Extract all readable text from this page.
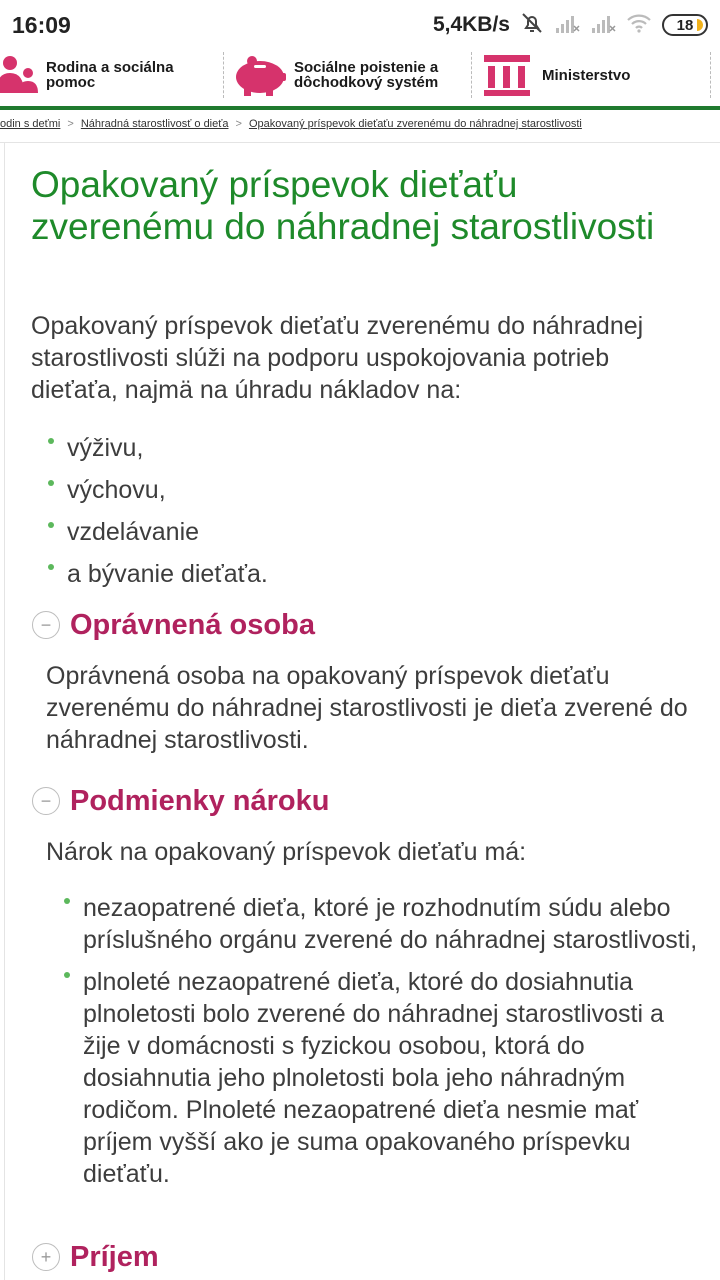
16:09	5,4KB/s	18
Rodina a sociálna
pomoc
Sociálne poistenie a
dôchodkový systém	Ministerstvo
odin s deťmi > Náhradná starostlivosť o dieťa > Opakovaný príspevok dieťaťu zverenému do náhradnej starostlivosti
Opakovaný príspevok dieťaťu zverenému do náhradnej starostlivosti

Opakovaný príspevok dieťaťu zverenému do náhradnej starostlivosti slúži na podporu uspokojovania potrieb dieťaťa, najmä na úhradu nákladov na:

výživu,
výchovu,
vzdelávanie
a bývanie dieťaťa.
− Oprávnená osoba

Oprávnená osoba na opakovaný príspevok dieťaťu zverenému do náhradnej starostlivosti je dieťa zverené do náhradnej starostlivosti.

− Podmienky nároku

Nárok na opakovaný príspevok dieťaťu má:

nezaopatrené dieťa, ktoré je rozhodnutím súdu alebo príslušného orgánu zverené do náhradnej starostlivosti,
plnoleté nezaopatrené dieťa, ktoré do dosiahnutia plnoletosti bolo zverené do náhradnej starostlivosti a žije v domácnosti s fyzickou osobou, ktorá do dosiahnutia jeho plnoletosti bola jeho náhradným rodičom. Plnoleté nezaopatrené dieťa nesmie mať príjem vyšší ako je suma opakovaného príspevku dieťaťu.
+ Príjem
